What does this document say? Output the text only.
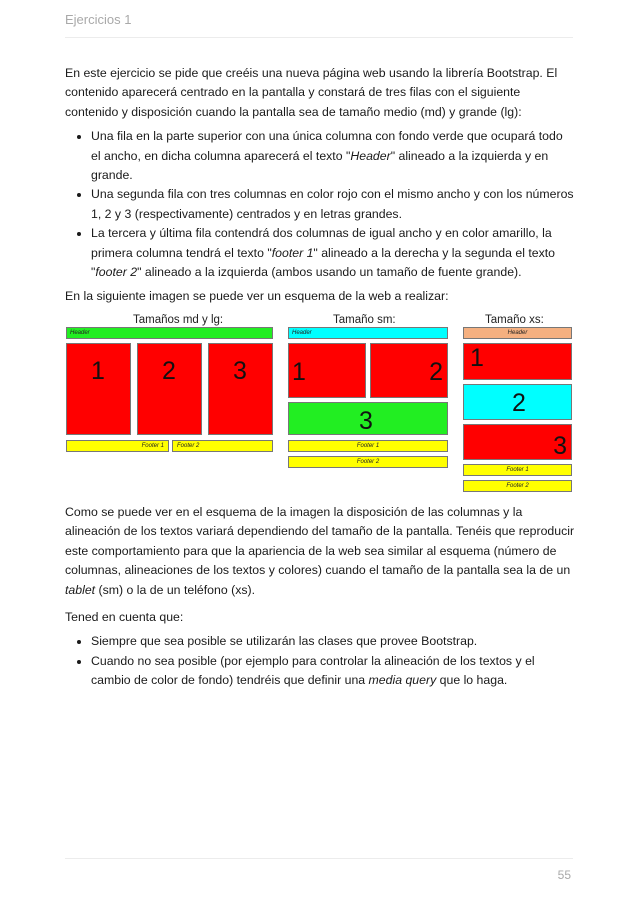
Ejercicios 1

En este ejercicio se pide que creéis una nueva página web usando la librería Bootstrap. El contenido aparecerá centrado en la pantalla y constará de tres filas con el siguiente contenido y disposición cuando la pantalla sea de tamaño medio (md) y grande (lg):

• Una fila en la parte superior con una única columna con fondo verde que ocupará todo el ancho, en dicha columna aparecerá el texto "Header" alineado a la izquierda y en grande.
• Una segunda fila con tres columnas en color rojo con el mismo ancho y con los números 1, 2 y 3 (respectivamente) centrados y en letras grandes.
• La tercera y última fila contendrá dos columnas de igual ancho y en color amarillo, la primera columna tendrá el texto "footer 1" alineado a la derecha y la segunda el texto "footer 2" alineado a la izquierda (ambos usando un tamaño de fuente grande).

En la siguiente imagen se puede ver un esquema de la web a realizar:

Tamaños md y lg:	Tamaño sm:	Tamaño xs:
Header
1 2 3
Footer 1	Footer 2
Header
1	2
3
Footer 1
Footer 2
Header
1
2
3
Footer 1
Footer 2

Como se puede ver en el esquema de la imagen la disposición de las columnas y la alineación de los textos variará dependiendo del tamaño de la pantalla. Tenéis que reproducir este comportamiento para que la apariencia de la web sea similar al esquema (número de columnas, alineaciones de los textos y colores) cuando el tamaño de la pantalla sea la de un tablet (sm) o la de un teléfono (xs).

Tened en cuenta que:

• Siempre que sea posible se utilizarán las clases que provee Bootstrap.
• Cuando no sea posible (por ejemplo para controlar la alineación de los textos y el cambio de color de fondo) tendréis que definir una media query que lo haga.
55
